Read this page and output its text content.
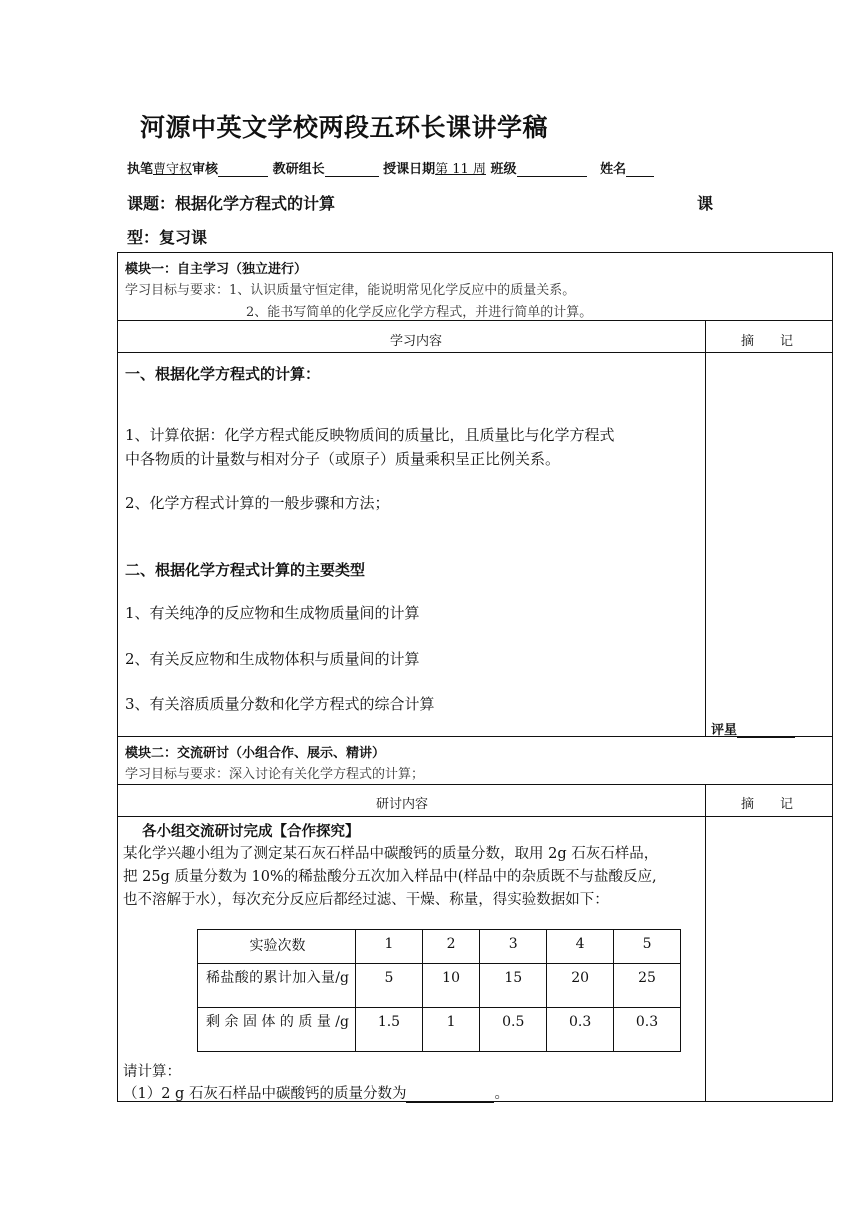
河源中英文学校两段五环长课讲学稿
执笔曹守权审核	教研组长	授课日期第 11 周 班级	姓名
课题：根据化学方程式的计算	课
型：复习课
模块一：自主学习（独立进行）
学习目标与要求：1、认识质量守恒定律，能说明常见化学反应中的质量关系。
2、能书写简单的化学反应化学方程式，并进行简单的计算。
学习内容	摘　　记
一、根据化学方程式的计算：
1、计算依据：化学方程式能反映物质间的质量比，且质量比与化学方程式
中各物质的计量数与相对分子（或原子）质量乘积呈正比例关系。
2、化学方程式计算的一般步骤和方法；
二、根据化学方程式计算的主要类型
1、有关纯净的反应物和生成物质量间的计算
2、有关反应物和生成物体积与质量间的计算
3、有关溶质质量分数和化学方程式的综合计算
评星
模块二：交流研讨（小组合作、展示、精讲）
学习目标与要求：深入讨论有关化学方程式的计算；
研讨内容	摘　　记
各小组交流研讨完成【合作探究】
某化学兴趣小组为了测定某石灰石样品中碳酸钙的质量分数，取用 2g 石灰石样品，
把 25g 质量分数为 10%的稀盐酸分五次加入样品中(样品中的杂质既不与盐酸反应,
也不溶解于水），每次充分反应后都经过滤、干燥、称量，得实验数据如下：
实验次数	1	2	3	4	5
稀盐酸的累计加入量/g	5	10	15	20	25
剩余固体的质量/g	1.5	1	0.5	0.3	0.3
请计算：
（1）2 g 石灰石样品中碳酸钙的质量分数为	。
